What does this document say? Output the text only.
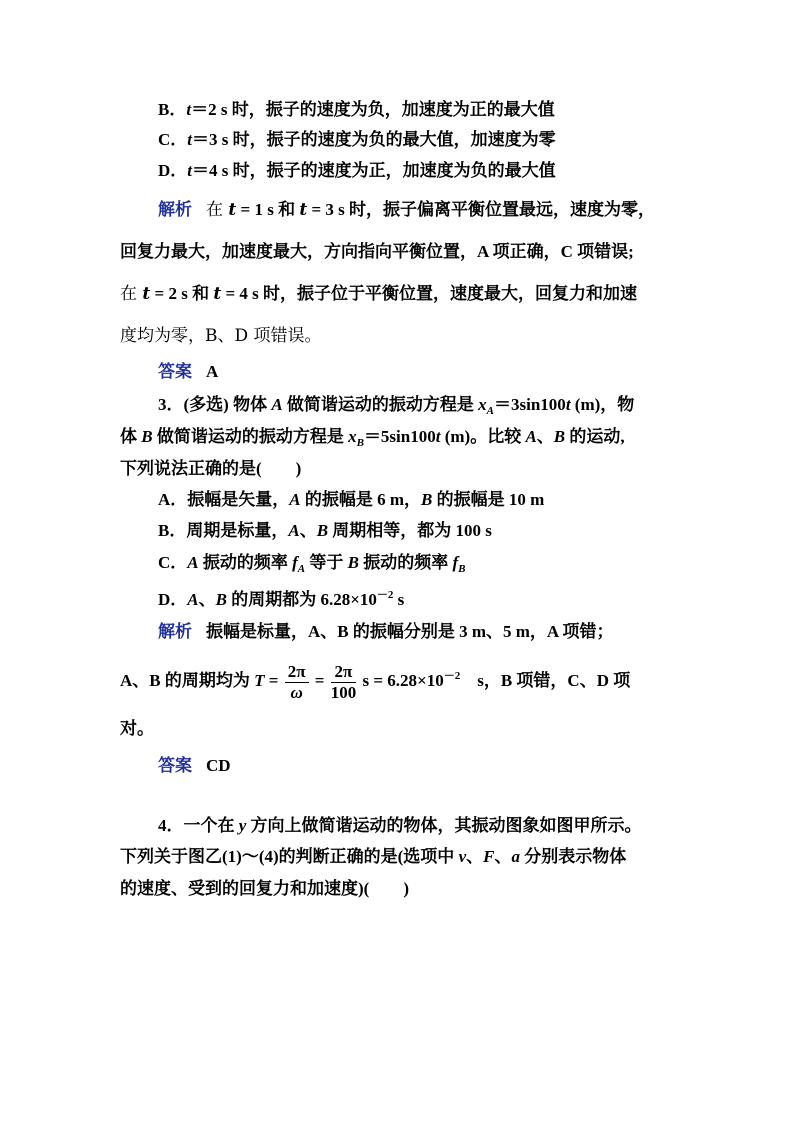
B．t＝2 s 时，振子的速度为负，加速度为正的最大值
C．t＝3 s 时，振子的速度为负的最大值，加速度为零
D．t＝4 s 时，振子的速度为正，加速度为负的最大值
解析 在 t = 1 s 和 t = 3 s 时，振子偏离平衡位置最远，速度为零，
回复力最大，加速度最大，方向指向平衡位置，A 项正确，C 项错误;
在 t = 2 s 和 t = 4 s 时，振子位于平衡位置，速度最大，回复力和加速
度均为零，B、D 项错误。
答案 A
3．(多选) 物体 A 做简谐运动的振动方程是 $x_A=3\sin 100t$ (m)，物
体 B 做简谐运动的振动方程是 $x_B=5\sin 100t$ (m)。比较 A、B 的运动,
下列说法正确的是(　　)
A．振幅是矢量，A 的振幅是 6 m，B 的振幅是 10 m
B．周期是标量，A、B 周期相等，都为 100 s
C．A 振动的频率 $f_A$ 等于 B 振动的频率 $f_B$
D．A、B 的周期都为 $6.28\times 10^{-2}$ s
解析 振幅是标量，A、B 的振幅分别是 3 m、5 m，A 项错；
A、B 的周期均为 $T = \frac{2\pi}{\omega} = \frac{2\pi}{100}$ $s = 6.28\times 10^{-2}$　s，B 项错，C、D 项
对。
答案 CD
4．一个在 y 方向上做简谐运动的物体，其振动图象如图甲所示。
下列关于图乙(1)～(4)的判断正确的是(选项中 v、F、a 分别表示物体
的速度、受到的回复力和加速度)(　　)
